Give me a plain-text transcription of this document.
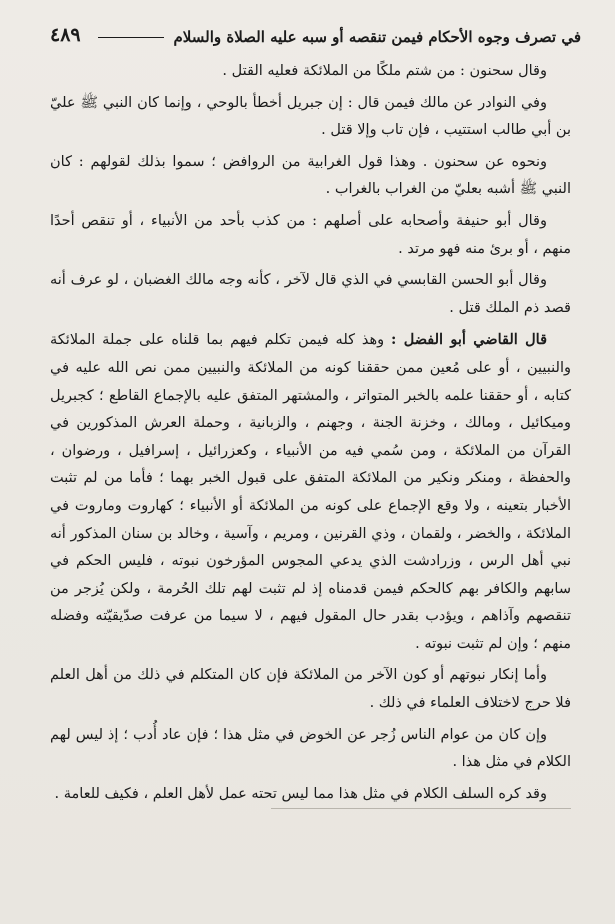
في تصرف وجوه الأحكام فيمن تنقصه أو سبه عليه الصلاة والسلام
٤٨٩

وقال سحنون : من شتم ملكًا من الملائكة فعليه القتل .

وفي النوادر عن مالك فيمن قال : إن جبريل أخطأ بالوحي ، وإنما كان النبي ﷺ عليّ بن أبي طالب استتيب ، فإن تاب وإلا قتل .

ونحوه عن سحنون . وهذا قول الغرابية من الروافض ؛ سموا بذلك لقولهم : كان النبي ﷺ أشبه بعليّ من الغراب بالغراب .

وقال أبو حنيفة وأصحابه على أصلهم : من كذب بأحد من الأنبياء ، أو تنقص أحدًا منهم ، أو برئ منه فهو مرتد .

وقال أبو الحسن القابسي في الذي قال لآخر ، كأنه وجه مالك الغضبان ، لو عرف أنه قصد ذم الملك قتل .

قال القاضي أبو الفضل : وهذ كله فيمن تكلم فيهم بما قلناه على جملة الملائكة والنبيين ، أو على مُعين ممن حققنا كونه من الملائكة والنبيين ممن نص الله عليه في كتابه ، أو حققنا علمه بالخبر المتواتر ، والمشتهر المتفق عليه بالإجماع القاطع ؛ كجبريل وميكائيل ، ومالك ، وخزنة الجنة ، وجهنم ، والزبانية ، وحملة العرش المذكورين في القرآن من الملائكة ، ومن سُمي فيه من الأنبياء ، وكعزرائيل ، إسرافيل ، ورضوان ، والحفظة ، ومنكر ونكير من الملائكة المتفق على قبول الخبر بهما ؛ فأما من لم تثبت الأخبار بتعينه ، ولا وقع الإجماع على كونه من الملائكة أو الأنبياء ؛ كهاروت وماروت في الملائكة ، والخضر ، ولقمان ، وذي القرنين ، ومريم ، وآسية ، وخالد بن سنان المذكور أنه نبي أهل الرس ، وزرادشت الذي يدعي المجوس المؤرخون نبوته ، فليس الحكم في سابهم والكافر بهم كالحكم فيمن قدمناه إذ لم تثبت لهم تلك الحُرمة ، ولكن يُزجر من تنقصهم وآذاهم ، ويؤدب بقدر حال المقول فيهم ، لا سيما من عرفت صدّيقيّته وفضله منهم ؛ وإن لم تثبت نبوته .

وأما إنكار نبوتهم أو كون الآخر من الملائكة فإن كان المتكلم في ذلك من أهل العلم فلا حرج لاختلاف العلماء في ذلك .

وإن كان من عوام الناس زُجر عن الخوض في مثل هذا ؛ فإن عاد أُدب ؛ إذ ليس لهم الكلام في مثل هذا .

وقد كره السلف الكلام في مثل هذا مما ليس تحته عمل لأهل العلم ، فكيف للعامة .
